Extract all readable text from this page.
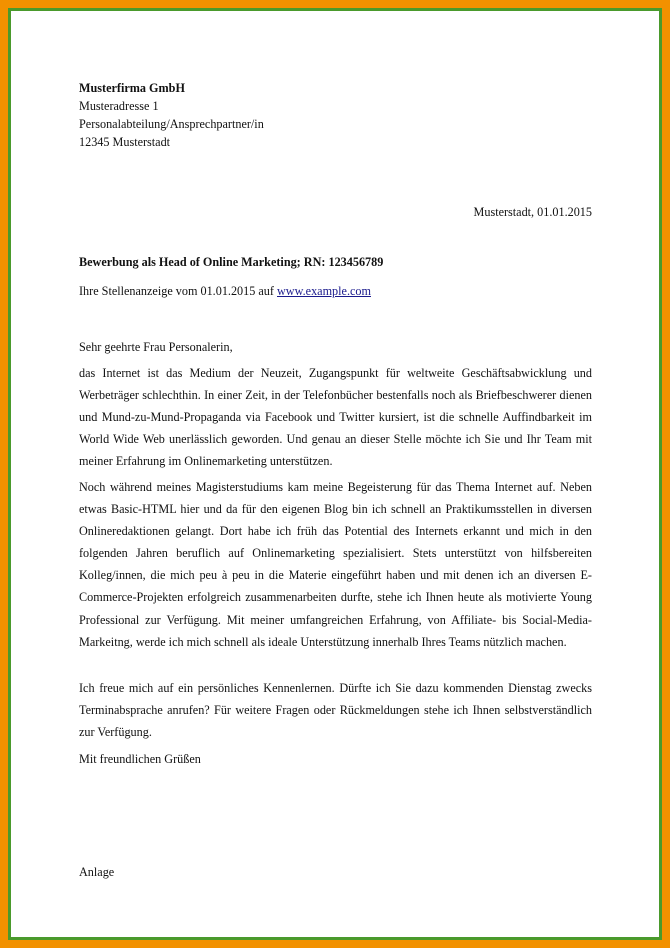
Musterfirma GmbH
Musteradresse 1
Personalabteilung/Ansprechpartner/in
12345 Musterstadt
Musterstadt, 01.01.2015
Bewerbung als Head of Online Marketing; RN: 123456789
Ihre Stellenanzeige vom 01.01.2015 auf www.example.com
Sehr geehrte Frau Personalerin,

das Internet ist das Medium der Neuzeit, Zugangspunkt für weltweite Geschäftsabwicklung und Werbeträger schlechthin. In einer Zeit, in der Telefonbücher bestenfalls noch als Briefbeschwerer dienen und Mund-zu-Mund-Propaganda via Facebook und Twitter kursiert, ist die schnelle Auffindbarkeit im World Wide Web unerlässlich geworden. Und genau an dieser Stelle möchte ich Sie und Ihr Team mit meiner Erfahrung im Onlinemarketing unterstützen.

Noch während meines Magisterstudiums kam meine Begeisterung für das Thema Internet auf. Neben etwas Basic-HTML hier und da für den eigenen Blog bin ich schnell an Praktikumsstellen in diversen Onlineredaktionen gelangt. Dort habe ich früh das Potential des Internets erkannt und mich in den folgenden Jahren beruflich auf Onlinemarketing spezialisiert. Stets unterstützt von hilfsbereiten Kolleg/innen, die mich peu à peu in die Materie eingeführt haben und mit denen ich an diversen E-Commerce-Projekten erfolgreich zusammenarbeiten durfte, stehe ich Ihnen heute als motivierte Young Professional zur Verfügung. Mit meiner umfangreichen Erfahrung, von Affiliate- bis Social-Media-Markeitng, werde ich mich schnell als ideale Unterstützung innerhalb Ihres Teams nützlich machen.

Ich freue mich auf ein persönliches Kennenlernen. Dürfte ich Sie dazu kommenden Dienstag zwecks Terminabsprache anrufen? Für weitere Fragen oder Rückmeldungen stehe ich Ihnen selbstverständlich zur Verfügung.

Mit freundlichen Grüßen
Anlage
